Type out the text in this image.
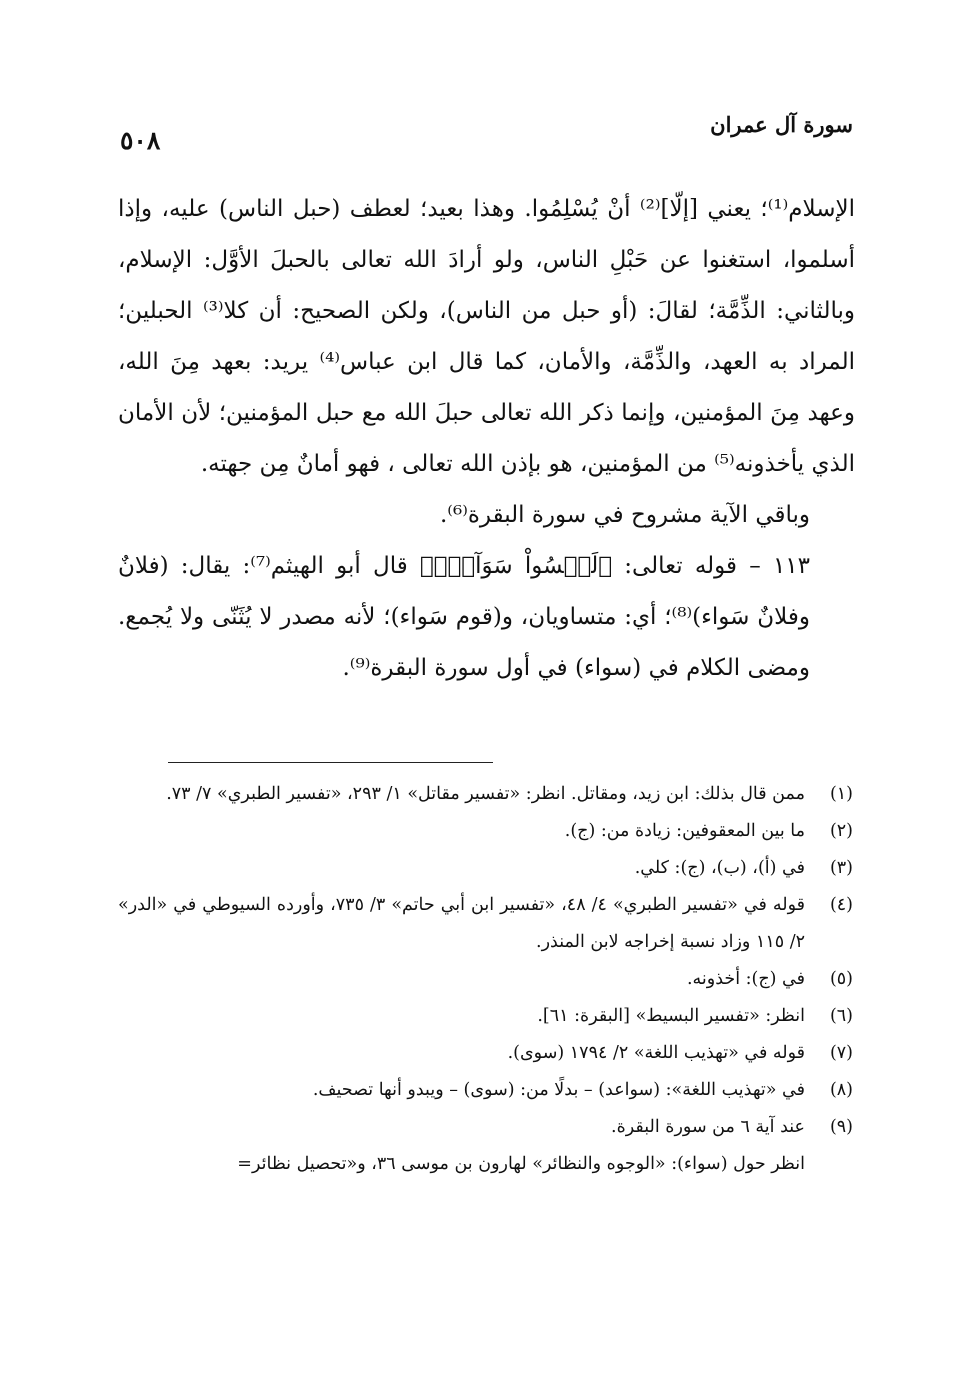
سورة آل عمران
٥٠٨

الإسلام⁽¹⁾؛ يعني [إلّا]⁽²⁾ أنْ يُسْلِمُوا. وهذا بعيد؛ لعطف (حبل الناس) عليه، وإذا أسلموا، استغنوا عن حَبْلِ الناس، ولو أرادَ الله تعالى بالحبلَ الأوَّل: الإسلام، وبالثاني: الذِّمَّة؛ لقالَ: (أو حبل من الناس)، ولكن الصحيح: أن كلا⁽³⁾ الحبلين؛ المراد به العهد، والذِّمَّة، والأمان، كما قال ابن عباس⁽⁴⁾ يريد: بعهد مِنَ الله، وعهد مِنَ المؤمنين، وإنما ذكر الله تعالى حبلَ الله مع حبل المؤمنين؛ لأن الأمان الذي يأخذونه⁽⁵⁾ من المؤمنين، هو بإذن الله تعالى ، فهو أمانٌ مِن جهته.

وباقي الآية مشروح في سورة البقرة⁽⁶⁾.

١١٣ – قوله تعالى: ﴿لَيۡسُواْ سَوَآءٗۗ﴾ قال أبو الهيثم⁽⁷⁾: يقال: (فلانٌ وفلانٌ سَواء)⁽⁸⁾؛ أي: متساويان، و(قوم سَواء)؛ لأنه مصدر لا يُثَنّى ولا يُجمع. ومضى الكلام في (سواء) في أول سورة البقرة⁽⁹⁾.

(١)
ممن قال بذلك: ابن زيد، ومقاتل. انظر: «تفسير مقاتل» ١/ ٢٩٣، «تفسير الطبري» ٧/ ٧٣.
(٢)
ما بين المعقوفين: زيادة من: (ج).
(٣)
في (أ)، (ب)، (ج): كلي.
(٤)
قوله في «تفسير الطبري» ٤/ ٤٨، «تفسير ابن أبي حاتم» ٣/ ٧٣٥، وأورده السيوطي في «الدر» ٢/ ١١٥ وزاد نسبة إخراجه لابن المنذر.
(٥)
في (ج): أخذونه.
(٦)
انظر: «تفسير البسيط» [البقرة: ٦١].
(٧)
قوله في «تهذيب اللغة» ٢/ ١٧٩٤ (سوى).
(٨)
في «تهذيب اللغة»: (سواعد) – بدلًا من: (سوى) – ويبدو أنها تصحيف.
(٩)
عند آية ٦ من سورة البقرة.
انظر حول (سواء): «الوجوه والنظائر» لهارون بن موسى ٣٦، و«تحصيل نظائر=
